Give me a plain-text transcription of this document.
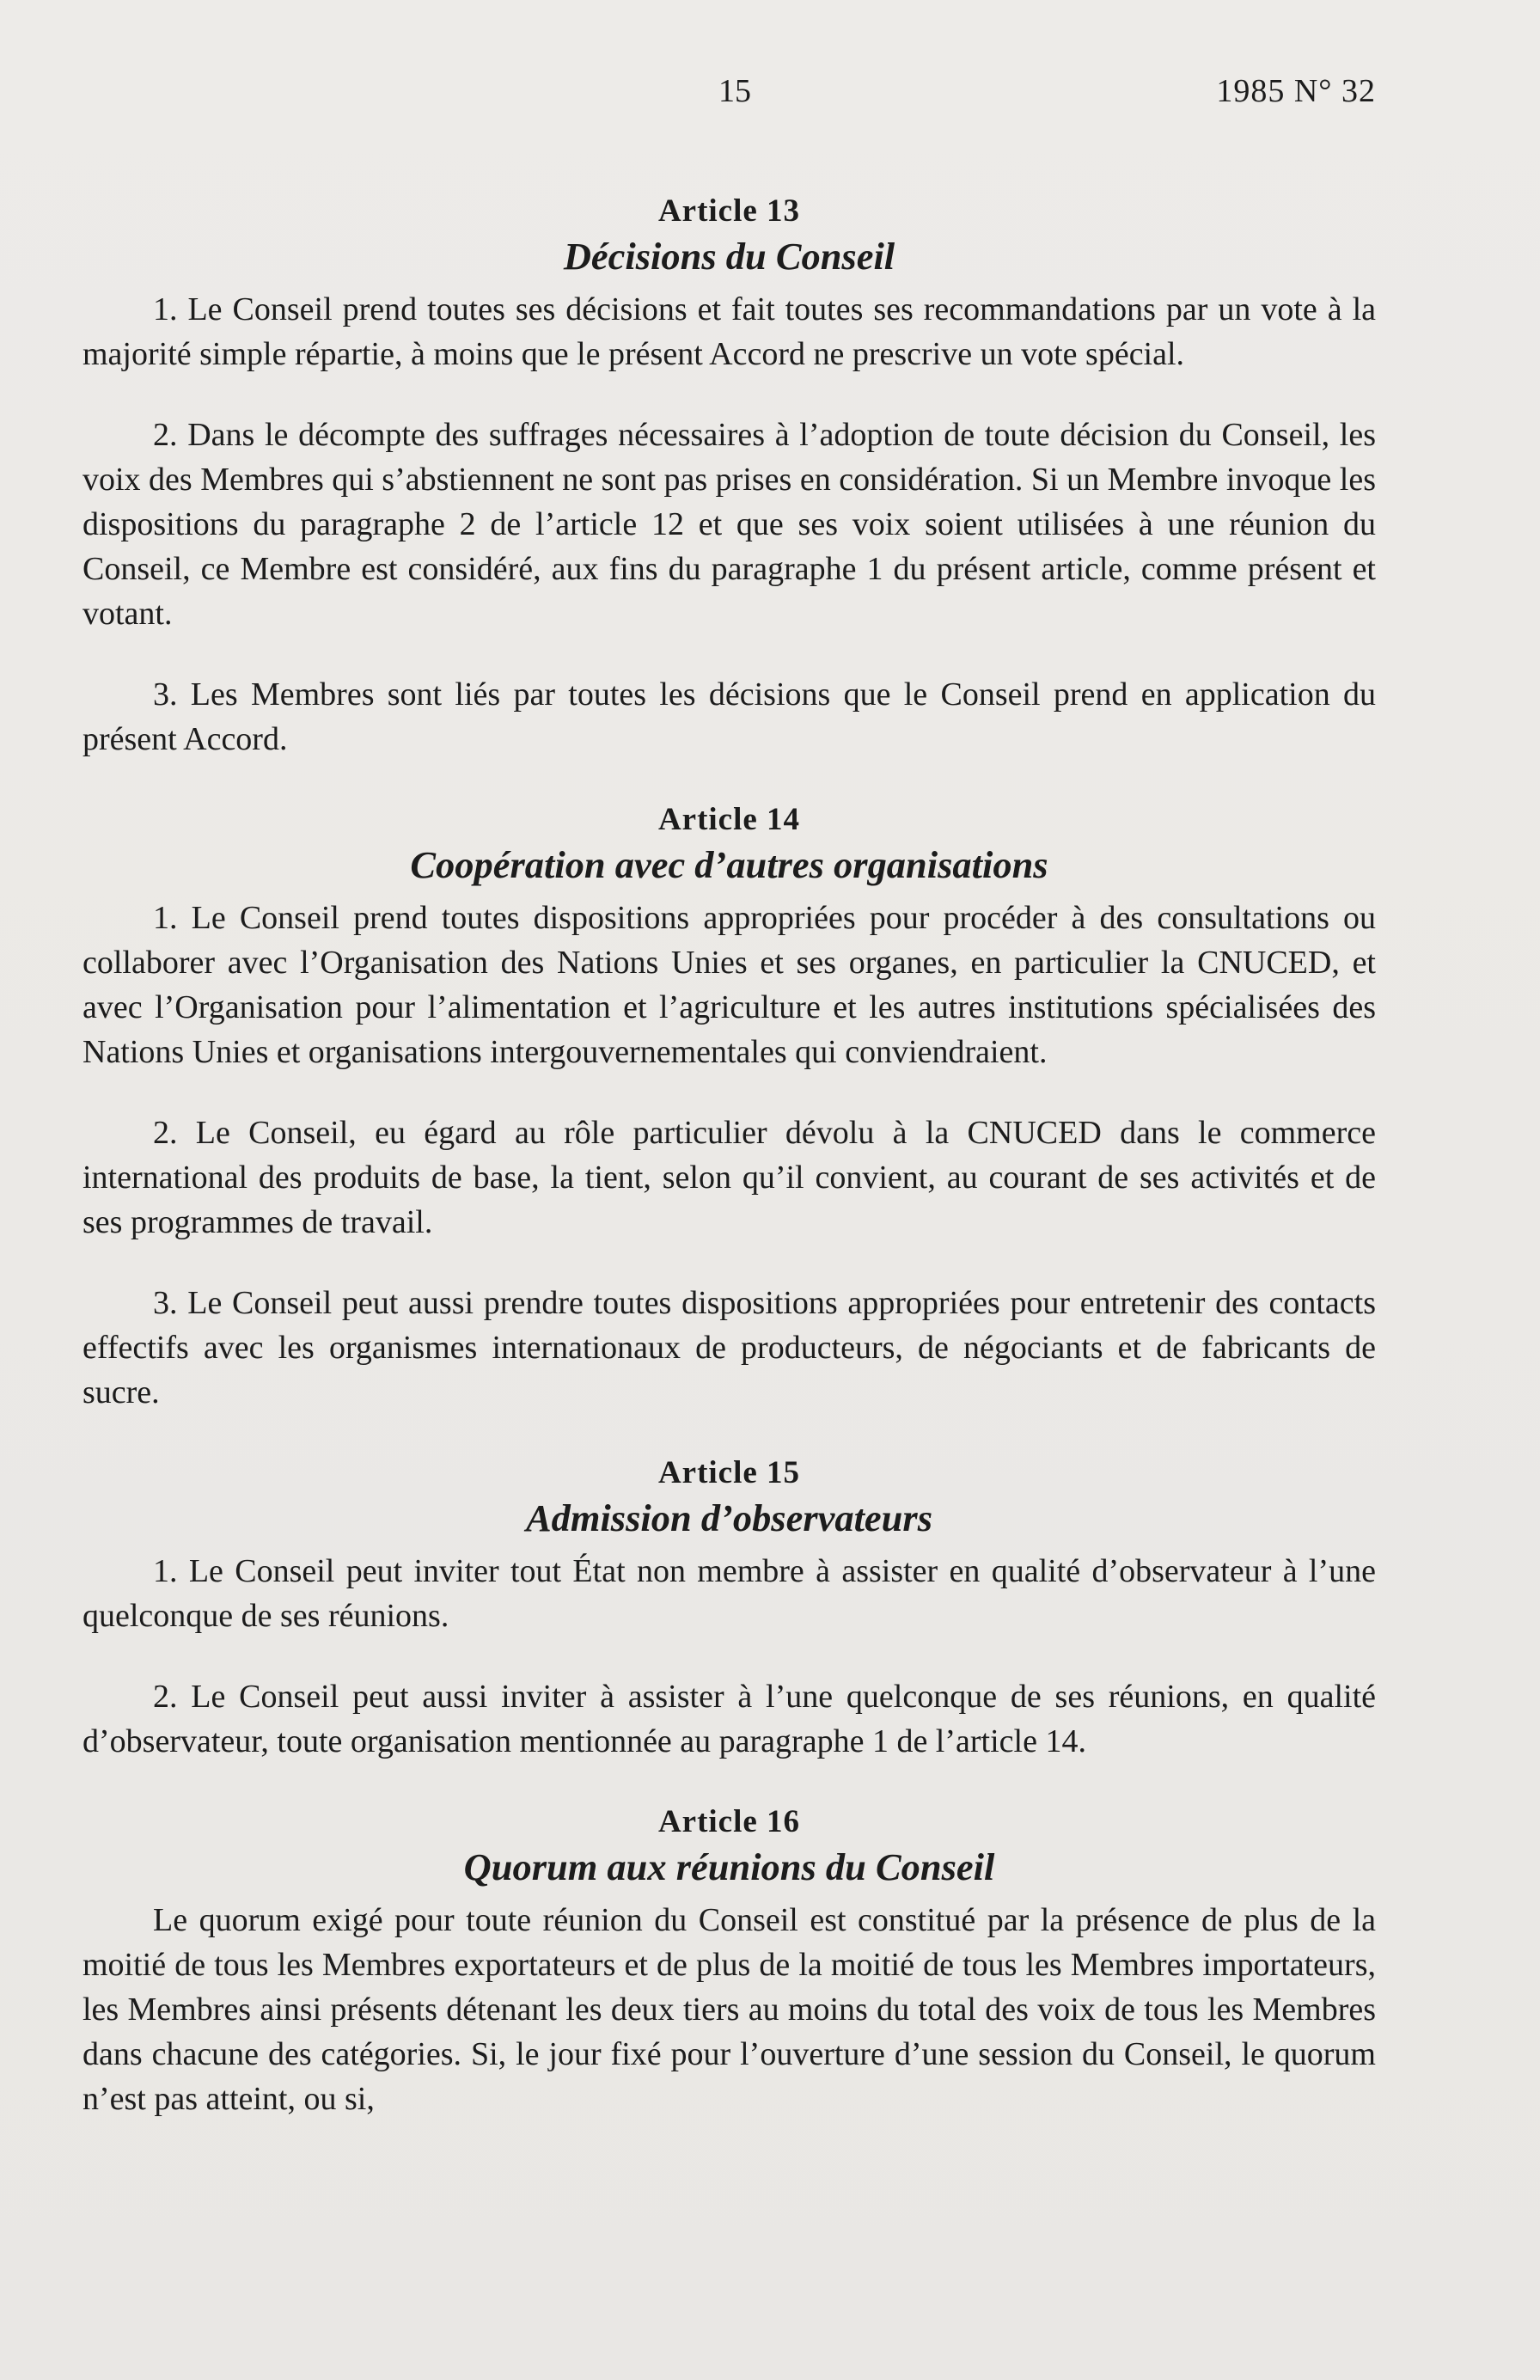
15	1985 N° 32
Article 13
Décisions du Conseil

1. Le Conseil prend toutes ses décisions et fait toutes ses recommandations par un vote à la majorité simple répartie, à moins que le présent Accord ne prescrive un vote spécial.

2. Dans le décompte des suffrages nécessaires à l’adoption de toute décision du Conseil, les voix des Membres qui s’abstiennent ne sont pas prises en considération. Si un Membre invoque les dispositions du paragraphe 2 de l’article 12 et que ses voix soient utilisées à une réunion du Conseil, ce Membre est considéré, aux fins du paragraphe 1 du présent article, comme présent et votant.

3. Les Membres sont liés par toutes les décisions que le Conseil prend en application du présent Accord.

Article 14
Coopération avec d’autres organisations

1. Le Conseil prend toutes dispositions appropriées pour procéder à des consultations ou collaborer avec l’Organisation des Nations Unies et ses organes, en particulier la CNUCED, et avec l’Organisation pour l’alimentation et l’agriculture et les autres institutions spécialisées des Nations Unies et organisations intergouvernementales qui conviendraient.

2. Le Conseil, eu égard au rôle particulier dévolu à la CNUCED dans le commerce international des produits de base, la tient, selon qu’il convient, au courant de ses activités et de ses programmes de travail.

3. Le Conseil peut aussi prendre toutes dispositions appropriées pour entretenir des contacts effectifs avec les organismes internationaux de producteurs, de négociants et de fabricants de sucre.

Article 15
Admission d’observateurs

1. Le Conseil peut inviter tout État non membre à assister en qualité d’observateur à l’une quelconque de ses réunions.

2. Le Conseil peut aussi inviter à assister à l’une quelconque de ses réunions, en qualité d’observateur, toute organisation mentionnée au paragraphe 1 de l’article 14.

Article 16
Quorum aux réunions du Conseil

Le quorum exigé pour toute réunion du Conseil est constitué par la présence de plus de la moitié de tous les Membres exportateurs et de plus de la moitié de tous les Membres importateurs, les Membres ainsi présents détenant les deux tiers au moins du total des voix de tous les Membres dans chacune des catégories. Si, le jour fixé pour l’ouverture d’une session du Conseil, le quorum n’est pas atteint, ou si,
